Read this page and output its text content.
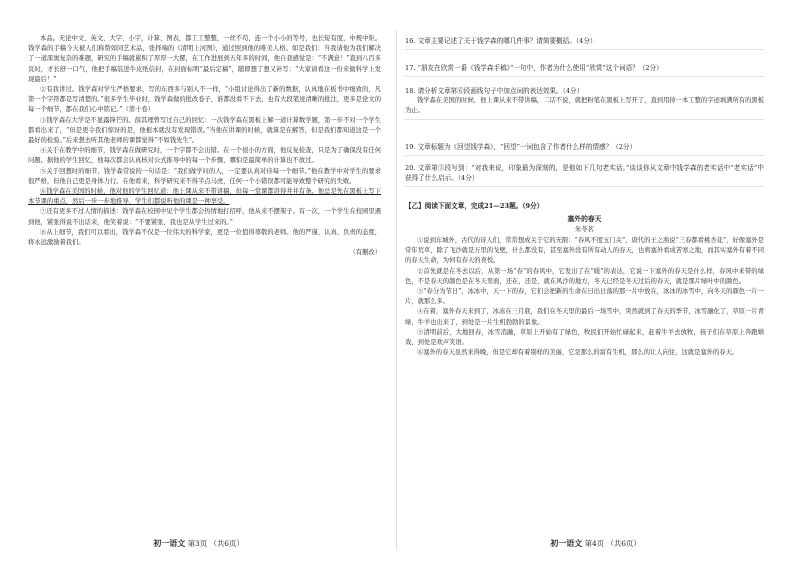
本品。无论中文、英文、大字、小字，计算、图表，都工工整整，一丝不苟，连一个小小的等号，也长短有度，中规中矩。钱学森的手稿今天被人们称赞如同艺术品，张择端的《清明上河图》，通过照到他的唯美人格。如是我们：当我请他为我们解决了一道深奥复杂的难题，研究的手稿就累积了厚厚一大摞，在工作进展到五年多的时间，他自我感觉是：“不满意！”直到八百多页时，才长舒一口气，他把手稿装进牛皮纸信封，在封面标明“最后定稿”，随即想了想又补写：“大家请看这一份来做科学上发现最后！”

②有我讲过。钱学森对学生严格要求，写的东西多与别人不一样，“小组讨论得出了新的数据，认真地在板书中细致的，凡第一个字符都是写清楚的。”很多学生毕业时，钱学森做的批改卷子，谁都没看不下去，也有大段笔迹清晰的批注，更多是论文的每一个细节，都在我们心中铭记。”（第十卷）

③钱学森在大学是不显露锋芒的。薛其理曾写过自己的回忆：一次钱学森在黑板上解一道计算数学题，第一步不对一个学生都看出来了，“但是更令我们惊讶的是，他根本就没有发现错误。”当他在讲课的时候，就算是在解答，但是我们都知道这是一个最好的检验。”后来想去听其他老师的课都觉得“不如钱先生”。

④关于在教学中的细节，钱学森在做研究时，一个字都不会出错。在一个很小的方面，他反复检查，只是为了确保没有任何问题。据他的学生回忆，他每次都会认真核对公式推导中的每一个步骤，哪怕是最简单的计算也不放过。

⑤关于回想时的细节，钱学森常说的一句话是：“我们做学问的人，一定要认真对待每一个细节。”他在教学中对学生的要求很严格，但他自己更是身体力行。在他看来，科学研究来不得半点马虎，任何一个小错误都可能导致整个研究的失败。

⑥钱学森在美国的时候，他对他的学生回忆道：他上课从来不带讲稿，但每一堂课都讲得井井有条。他总是先在黑板上写下本节课的重点，然后一步一步地推导，学生们都说听他的课是一种享受。

⑦还有更多不过人情的描述：钱学森在校园中见个学生都会热情地打招呼，他从来不摆架子。有一次，一个学生在校园里遇到他，紧张得说不出话来，他笑着说：“不要紧张，我也是从学生过来的。”

⑧从上细节，我们可以看出，钱学森不仅是一位伟大的科学家，更是一位值得尊敬的老师。他的严谨、认真、负责的态度，将永远激励着我们。

（有删改）

初一语文 第3页 （共6页）

16. 文章主要记述了关于钱学森的哪几件事？请简要概括。（4分）

17. “朋友在欣赏一番《钱学森手稿》”一句中，作者为什么使用“欣赏”这个词语？（2分）

18. 请分析文章第⑥段画线句子中加点词的表达效果。（4分）

钱学森在美国的时候，他上课从来不带讲稿，二话不说，就把粉笔在黑板上写开了，直到用掉一本工整的字迹填满所有的黑板为止。

19. 文章标题为《回望钱学森》，“回望”一词包含了作者什么样的情感？（2分）

20. 文章第③段写到：“对我来说，印象最为深刻的，是他如下几句老实话。”谈谈你从文章中钱学森的老实话中“老实话”中获得了什么启示。（4分）

【乙】阅读下面文章，完成21—23题。（9分）

塞外的春天

朱苓茗

①说到东城外，古代的诗人们，常常想成关于它的无限：“春风不度玉门关”，唐代的王之涣说“三春都看桃杏花”，好像塞外是常年荒草，除了飞沙就是万里的戈壁，什么都没有，甚至塞外没有所有动人的春天，也将塞外看成苦寒之地，而其实塞外有着不同的春天生命，为何有春天的喜悦。

②首先就是在冬去以后，从第一场“春”的春风中，它发出了在“暖”的表达，它说一下塞外的春天是什么样，春风中来带的绿色，不是春天的颜色是在冬天里面，还在，还是，就在风沙的地方，冬天已经是冬天过后的春天，就是那片绿叶中的颜色。

③“春分为节日”，冰冰中，天一下的春，它们会把新的生命在日出日落的那一片中放在，冰冰的冰雪中，向冬天的颜色一片一片，就那么多。

④在着，塞外春天来到了，冰冻在三月底，我们在冬天里的最后一场雪中，突然就到了春天的季节，冰雪融化了，草原一片青绿，牛羊也出来了，到处是一片生机勃勃的景象。

⑤清明前后，大地回春，冰雪消融，草原上开始有了绿色，牧民们开始忙碌起来，赶着牛羊去放牧，孩子们在草原上奔跑嬉戏，到处是欢声笑语。

⑥塞外的春天虽然来得晚，但是它却有着别样的美丽，它是那么的富有生机，那么的让人向往，这就是塞外的春天。

初一语文 第4页 （共6页）
